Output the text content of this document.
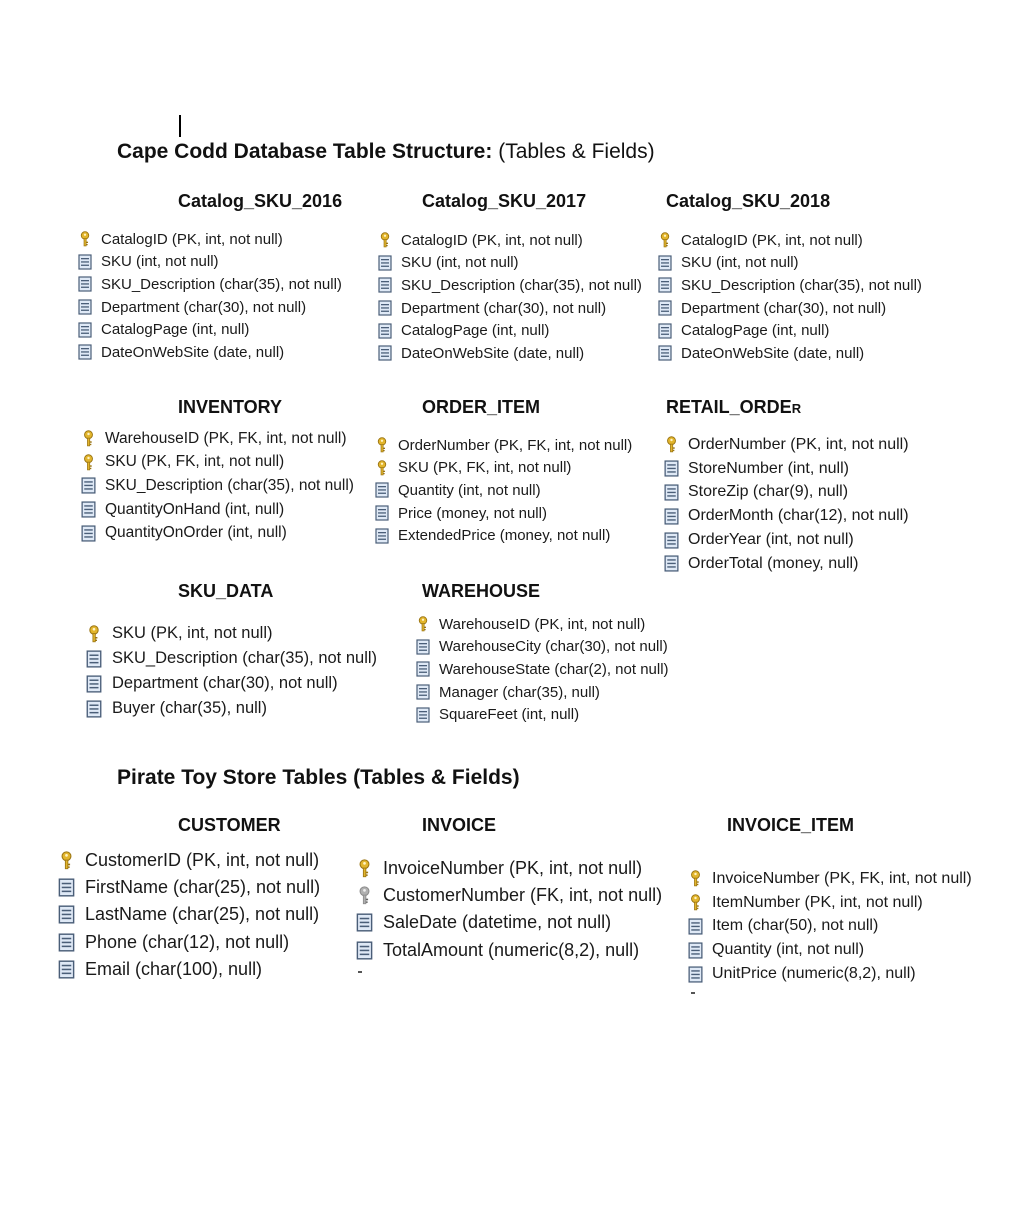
Cape Codd Database Table Structure: (Tables & Fields)
Catalog_SKU_2016
CatalogID (PK, int, not null)
SKU (int, not null)
SKU_Description (char(35), not null)
Department (char(30), not null)
CatalogPage (int, null)
DateOnWebSite (date, null)
Catalog_SKU_2017
CatalogID (PK, int, not null)
SKU (int, not null)
SKU_Description (char(35), not null)
Department (char(30), not null)
CatalogPage (int, null)
DateOnWebSite (date, null)
Catalog_SKU_2018
CatalogID (PK, int, not null)
SKU (int, not null)
SKU_Description (char(35), not null)
Department (char(30), not null)
CatalogPage (int, null)
DateOnWebSite (date, null)
INVENTORY
WarehouseID (PK, FK, int, not null)
SKU (PK, FK, int, not null)
SKU_Description (char(35), not null)
QuantityOnHand (int, null)
QuantityOnOrder (int, null)
ORDER_ITEM
OrderNumber (PK, FK, int, not null)
SKU (PK, FK, int, not null)
Quantity (int, not null)
Price (money, not null)
ExtendedPrice (money, not null)
RETAIL_ORDER
OrderNumber (PK, int, not null)
StoreNumber (int, null)
StoreZip (char(9), null)
OrderMonth (char(12), not null)
OrderYear (int, not null)
OrderTotal (money, null)
SKU_DATA
SKU (PK, int, not null)
SKU_Description (char(35), not null)
Department (char(30), not null)
Buyer (char(35), null)
WAREHOUSE
WarehouseID (PK, int, not null)
WarehouseCity (char(30), not null)
WarehouseState (char(2), not null)
Manager (char(35), null)
SquareFeet (int, null)
Pirate Toy Store Tables (Tables & Fields)
CUSTOMER
CustomerID (PK, int, not null)
FirstName (char(25), not null)
LastName (char(25), not null)
Phone (char(12), not null)
Email (char(100), null)
INVOICE
InvoiceNumber (PK, int, not null)
CustomerNumber (FK, int, not null)
SaleDate (datetime, not null)
TotalAmount (numeric(8,2), null)
INVOICE_ITEM
InvoiceNumber (PK, FK, int, not null)
ItemNumber (PK, int, not null)
Item (char(50), not null)
Quantity (int, not null)
UnitPrice (numeric(8,2), null)
